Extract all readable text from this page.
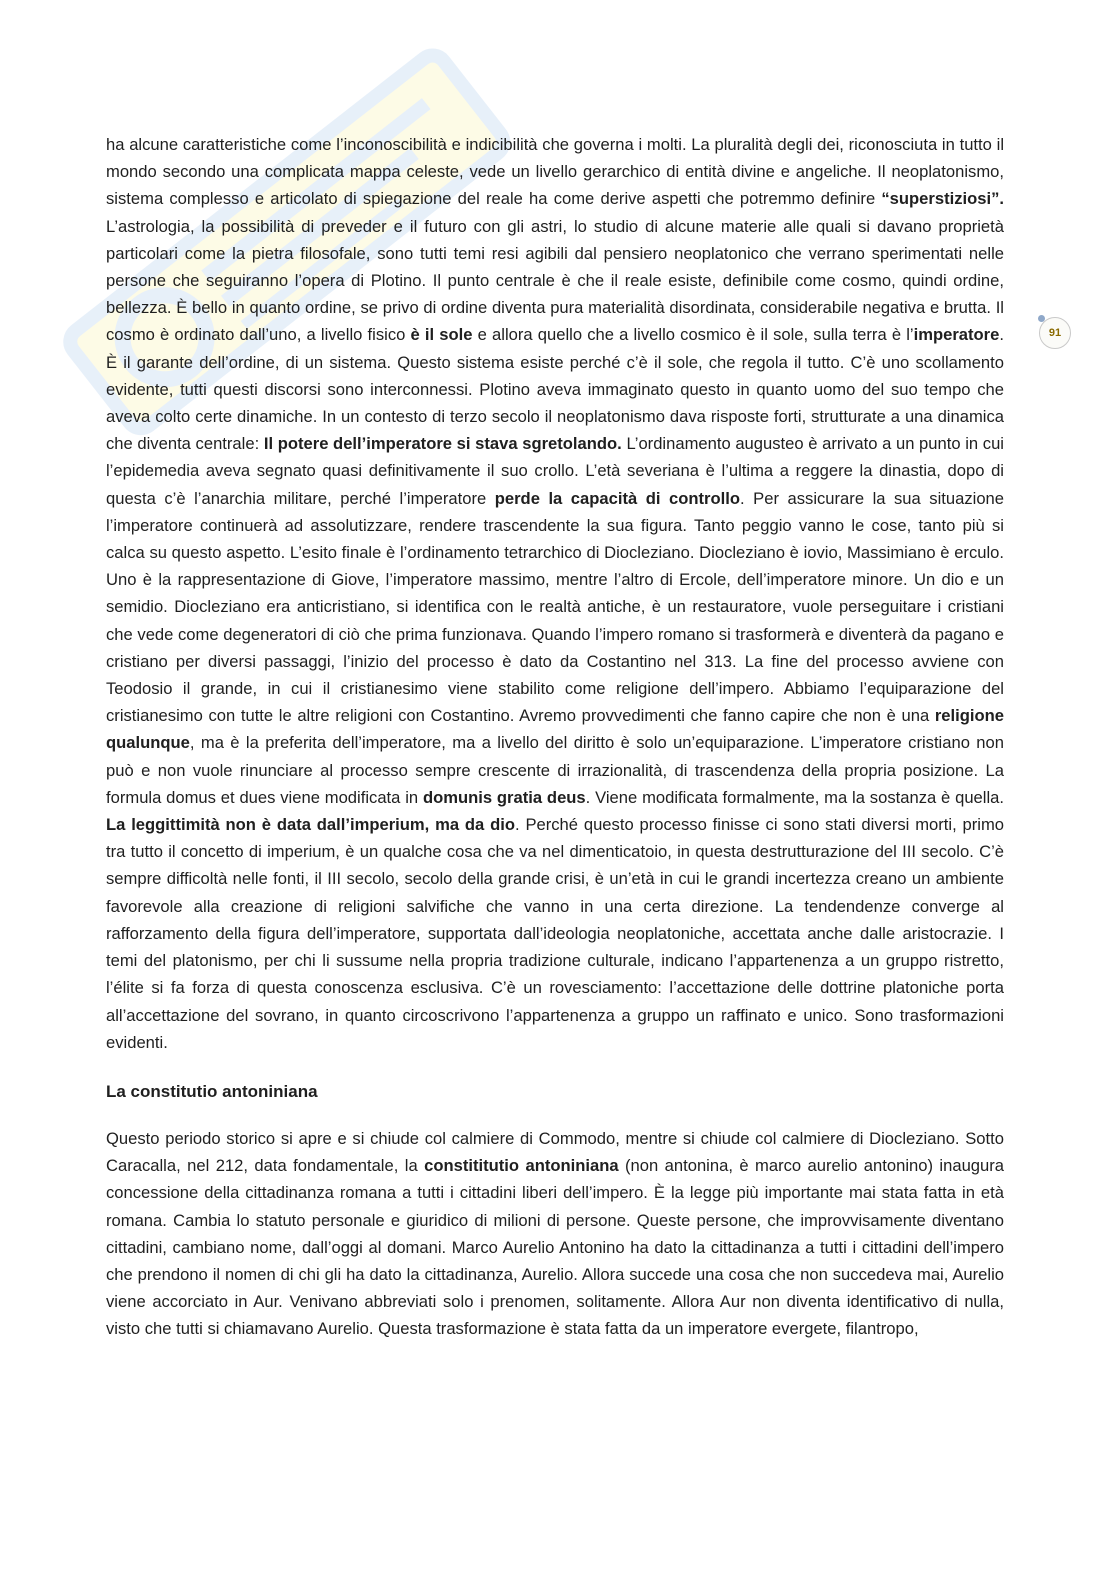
91

ha alcune caratteristiche come l’inconoscibilità e indicibilità che governa i molti. La pluralità degli dei, riconosciuta in tutto il mondo secondo una complicata mappa celeste, vede un livello gerarchico di entità divine e angeliche. Il neoplatonismo, sistema complesso e articolato di spiegazione del reale ha come derive aspetti che potremmo definire “superstiziosi”. L’astrologia, la possibilità di preveder e il futuro con gli astri, lo studio di alcune materie alle quali si davano proprietà particolari come la pietra filosofale, sono tutti temi resi agibili dal pensiero neoplatonico che verrano sperimentati nelle persone che seguiranno l’opera di Plotino. Il punto centrale è che il reale esiste, definibile come cosmo, quindi ordine, bellezza. È bello in quanto ordine, se privo di ordine diventa pura materialità disordinata, considerabile negativa e brutta. Il cosmo è ordinato dall’uno, a livello fisico è il sole e allora quello che a livello cosmico è il sole, sulla terra è l’imperatore. È il garante dell’ordine, di un sistema. Questo sistema esiste perché c’è il sole, che regola il tutto. C’è uno scollamento evidente, tutti questi discorsi sono interconnessi. Plotino aveva immaginato questo in quanto uomo del suo tempo che aveva colto certe dinamiche. In un contesto di terzo secolo il neoplatonismo dava risposte forti, strutturate a una dinamica che diventa centrale: Il potere dell’imperatore si stava sgretolando. L’ordinamento augusteo è arrivato a un punto in cui l’epidemedia aveva segnato quasi definitivamente il suo crollo. L’età severiana è l’ultima a reggere la dinastia, dopo di questa c’è l’anarchia militare, perché l’imperatore perde la capacità di controllo. Per assicurare la sua situazione l’imperatore continuerà ad assolutizzare, rendere trascendente la sua figura. Tanto peggio vanno le cose, tanto più si calca su questo aspetto. L’esito finale è l’ordinamento tetrarchico di Diocleziano. Diocleziano è iovio, Massimiano è erculo. Uno è la rappresentazione di Giove, l’imperatore massimo, mentre l’altro di Ercole, dell’imperatore minore. Un dio e un semidio. Diocleziano era anticristiano, si identifica con le realtà antiche, è un restauratore, vuole perseguitare i cristiani che vede come degeneratori di ciò che prima funzionava. Quando l’impero romano si trasformerà e diventerà da pagano e cristiano per diversi passaggi, l’inizio del processo è dato da Costantino nel 313. La fine del processo avviene con Teodosio il grande, in cui il cristianesimo viene stabilito come religione dell’impero. Abbiamo l’equiparazione del cristianesimo con tutte le altre religioni con Costantino. Avremo provvedimenti che fanno capire che non è una religione qualunque, ma è la preferita dell’imperatore, ma a livello del diritto è solo un’equiparazione. L’imperatore cristiano non può e non vuole rinunciare al processo sempre crescente di irrazionalità, di trascendenza della propria posizione. La formula domus et dues viene modificata in domunis gratia deus. Viene modificata formalmente, ma la sostanza è quella. La leggittimità non è data dall’imperium, ma da dio. Perché questo processo finisse ci sono stati diversi morti, primo tra tutto il concetto di imperium, è un qualche cosa che va nel dimenticatoio, in questa destrutturazione del III secolo. C’è sempre difficoltà nelle fonti, il III secolo, secolo della grande crisi, è un’età in cui le grandi incertezza creano un ambiente favorevole alla creazione di religioni salvifiche che vanno in una certa direzione. La tendendenze converge al rafforzamento della figura dell’imperatore, supportata dall’ideologia neoplatoniche, accettata anche dalle aristocrazie. I temi del platonismo, per chi li sussume nella propria tradizione culturale, indicano l’appartenenza a un gruppo ristretto, l’élite si fa forza di questa conoscenza esclusiva. C’è un rovesciamento: l’accettazione delle dottrine platoniche porta all’accettazione del sovrano, in quanto circoscrivono l’appartenenza a gruppo un raffinato e unico. Sono trasformazioni evidenti.

La constitutio antoniniana

Questo periodo storico si apre e si chiude col calmiere di Commodo, mentre si chiude col calmiere di Diocleziano. Sotto Caracalla, nel 212, data fondamentale, la constititutio antoniniana (non antonina, è marco aurelio antonino) inaugura concessione della cittadinanza romana a tutti i cittadini liberi dell’impero. È la legge più importante mai stata fatta in età romana. Cambia lo statuto personale e giuridico di milioni di persone. Queste persone, che improvvisamente diventano cittadini, cambiano nome, dall’oggi al domani. Marco Aurelio Antonino ha dato la cittadinanza a tutti i cittadini dell’impero che prendono il nomen di chi gli ha dato la cittadinanza, Aurelio. Allora succede una cosa che non succedeva mai, Aurelio viene accorciato in Aur. Venivano abbreviati solo i prenomen, solitamente. Allora Aur non diventa identificativo di nulla, visto che tutti si chiamavano Aurelio. Questa trasformazione è stata fatta da un imperatore evergete, filantropo,
